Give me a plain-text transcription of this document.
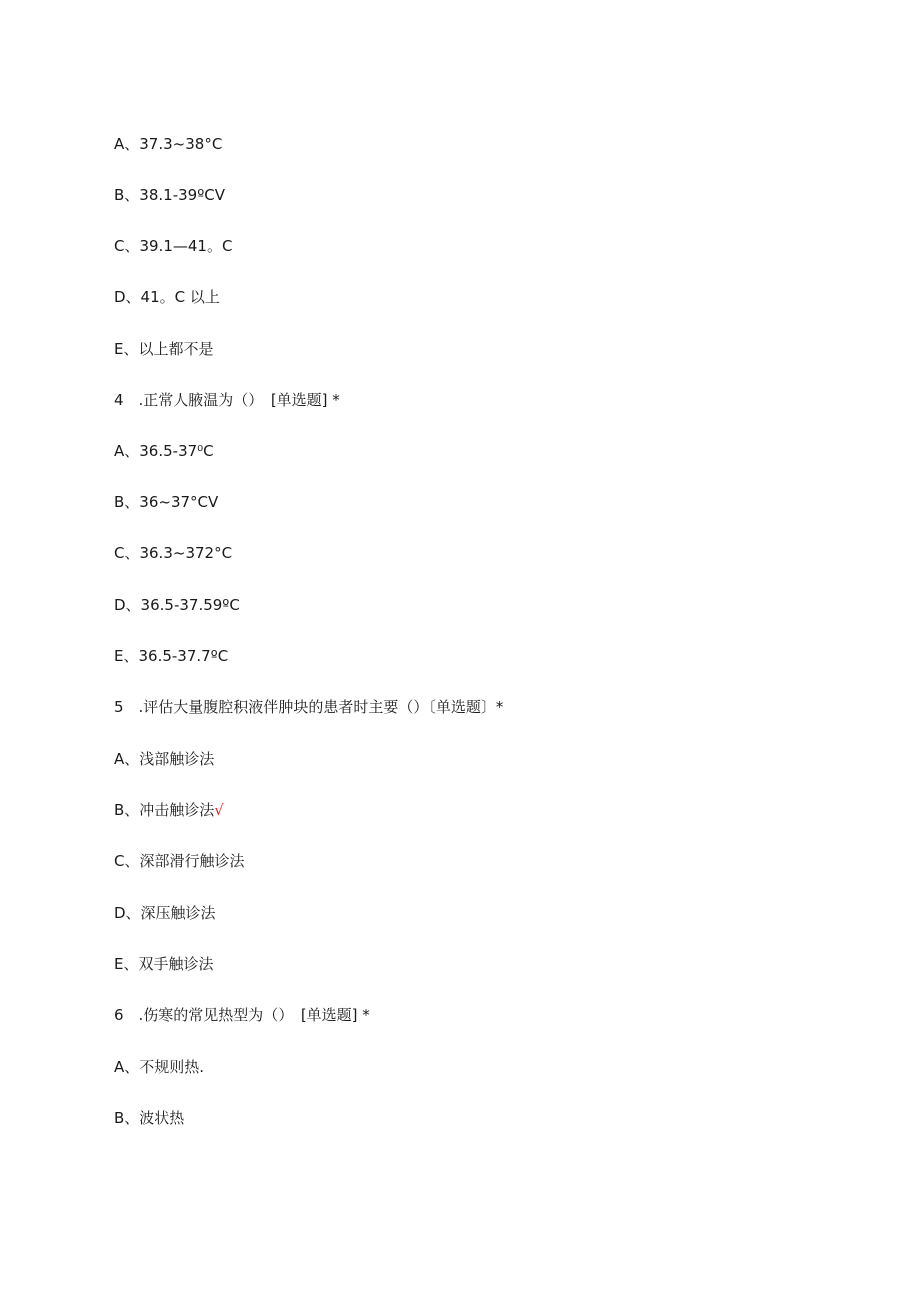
A、37.3~38°C
B、38.1-39ºCV
C、39.1—41。C
D、41。C 以上
E、以上都不是
4　.正常人腋温为（）　[单选题] *
A、36.5-37⁰C
B、36~37°CV
C、36.3~372°C
D、36.5-37.59ºC
E、36.5-37.7ºC
5　.评估大量腹腔积液伴肿块的患者时主要（）〔单选题〕*
A、浅部触诊法
B、冲击触诊法√
C、深部滑行触诊法
D、深压触诊法
E、双手触诊法
6　.伤寒的常见热型为（）　[单选题] *
A、不规则热.
B、波状热
